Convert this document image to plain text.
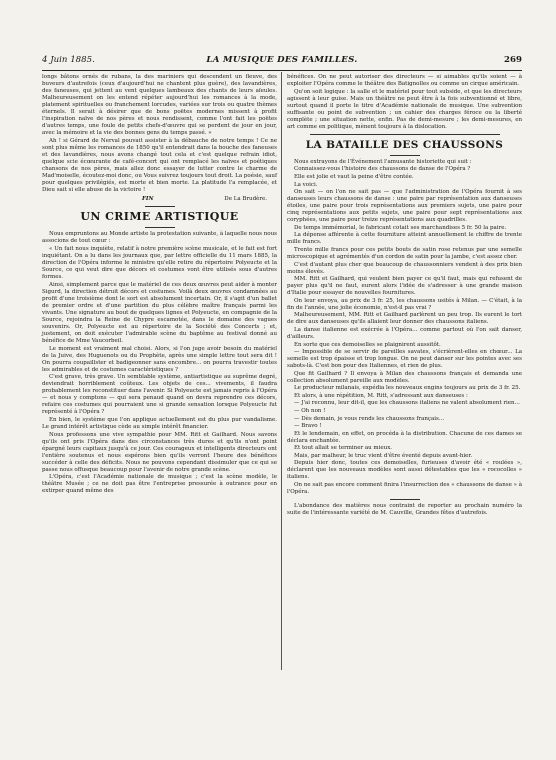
4 Juin 1885.	LA MUSIQUE DES FAMILLES.	269

longs bâtons ornés de rubans, la des mariniers qui descendent un fleuve, des buveurs d'autrefois (ceux d'aujourd'hui ne chantent plus guère), des lavandières, des faneuses, qui jettent au vent quelques lambeaux des chants de leurs aïeules. Malheureusement on les entend répéter aujourd'hui les romances à la mode, platement spirituelles ou franchement lorcudes, variées sur trois ou quatre thèmes éternels. Il serait à désirer que de bons poëtes modernes missent à profit l'inspiration naïve de nos pères et nous rendissent, comme l'ont fait les poëtes d'autres temps, une foule de petits chefs-d'œuvre qui se perdent de jour en jour, avec la mémoire et la vie des bonnes gens du temps passé. »

Ah ! si Gérard de Nerval pouvait assister à la débauche de notre temps ! Ce ne sont plus même les romances de 1850 qu'il entendrait dans la bouche des faneuses et des lavandières, nous avons changé tout cela et c'est quelque refrain idiot, quelque scie écœurante de café-concert qui ont remplacé les naïves et poétiques chansons de nos pères, mais allez donc essayer de lutter contre le charme de Mad'moiselle, écoutez-moi donc, ou Vous suivrez toujours tout droit. La poésie, sauf pour quelques privilégiés, est morte et bien morte. La platitude l'a remplacée, et Dieu sait si elle abuse de la victoire !

FIN	De La Brudère.
UN CRIME ARTISTIQUE

Nous empruntons au Monde artiste la protestation suivante, à laquelle nous nous associons de tout cœur :

« Un fait nous inquiète, relatif à notre première scène musicale, et le fait est fort inquiétant. On a lu dans les journaux que, par lettre officielle du 11 mars 1885, la direction de l'Opéra informe le ministre qu'elle retire du répertoire Polyeucte et la Source, ce qui veut dire que décors et costumes vont être utilisés sous d'autres formes.

Ainsi, simplement parce que le matériel de ces deux œuvres peut aider à monter Sigurd, la direction détruit décors et costumes. Voilà deux œuvres condamnées au profit d'une troisième dont le sort est absolument incertain. Or, il s'agit d'un ballet de premier ordre et d'une partition du plus célèbre maître français parmi les vivants. Une signature au bout de quelques lignes et Polyeucte, en compagnie de la Source, rejoindra la Reine de Chypre escamotée, dans le domaine des vagues souvenirs. Or, Polyeucte est au répertoire de la Société des Concerts ; et, justement, on doit exécuter l'admirable scène du baptême au festival donné au bénéfice de Mme Vaucorbeil.

Le moment est vraiment mal choisi. Alors, si l'on juge avoir besoin du matériel de la Juive, des Huguenots ou du Prophète, après une simple lettre tout sera dit ! On pourra coupaillster et badigeonner sans encombre... on pourra travestir toutes les admirables et de costumes caractéristiques ?

C'est grave, très grave. Un semblable système, antiartistique au suprême degré, deviendrait horriblement coûteux. Les objets de ces... vivements, il faudra probablement les reconstituer dans l'avenir. Si Polyeucte est jamais repris à l'Opéra — et nous y comptons — qui sera penaud quand on devra reprendre ces décors, refaire ces costumes qui pourraient une si grande sensation lorsque Polyeucte fut représenté à l'Opéra ?

En bien, le système que l'on applique actuellement est du plus pur vandalisme. Le grand intérêt artistique cède au simple intérêt financier.

Nous professons une vive sympathie pour MM. Ritt et Gailhard. Nous savons qu'ils ont pris l'Opéra dans des circonstances très dures et qu'ils n'ont point épargné leurs capitaux jusqu'à ce jour. Ces courageux et intelligents directeurs ont l'entière soutenus et nous espérons bien qu'ils verront l'heure des bénéfices succéder à celle des déficits. Nous ne pouvons cependant dissimuler que ce qui se passe nous offusque beaucoup pour l'avenir de notre grande scène.

L'Opéra, c'est l'Académie nationale de musique ; c'est la scène modèle, le théâtre Musée ; ce ne doit pas être l'entreprise pressurée à outrance pour en extirper quand même des

bénéfices. On ne peut autoriser des directeurs — si aimables qu'ils soient — à exploiter l'Opéra comme le théâtre des Batignolles ou comme un cirque américain.

Qu'on soit logique : la salle et le matériel pour tout subside, et que les directeurs agissent à leur guise. Mais un théâtre ne peut être à la fois subventionné et libre, surtout quand il porte le titre d'Académie nationale de musique. Une subvention suffisante ou point de subvention ; un cahier des charges féroce ou la liberté complète ; une situation nette, enfin. Pas de demi-mesure ; les demi-mesures, en art comme en politique, mènent toujours à la dislocation.

LA BATAILLE DES CHAUSSONS

Nous extrayons de l'Événement l'amusante historiette qui suit :

Connaissez-vous l'histoire des chaussons de danse de l'Opéra ?

Elle est jolie et vaut la peine d'être contée.

La voici.

On sait — on l'on ne sait pas — que l'administration de l'Opéra fournit à ses danseuses leurs chaussons de danse : une paire par représentation aux danseuses étoiles, une paire pour trois représentations aux premiers sujets, une paire pour cinq représentations aux petits sujets, une paire pour sept représentations aux coryphées, une paire pour treize représentations aux quadrilles.

De temps immémorial, le fabricant cotait ses marchandises 5 fr. 50 la paire.

La dépense afférente à cette fourniture atteint annuellement le chiffre de trente mille francs.

Trente mille francs pour ces petits bouts de satin rose retenus par une semelle microscopique et agrémentés d'un cordon de satin pour la jambe, c'est assez cher.

C'est d'autant plus cher que beaucoup de chaussonniers vendent à des prix bien moins élevés.

MM. Ritt et Gailhard, qui veulent bien payer ce qu'il faut, mais qui refusent de payer plus qu'il ne faut, eurent alors l'idée de s'adresser à une grande maison d'Italie pour essayer de nouvelles fournitures.

On leur envoya, au prix de 3 fr. 25, les chaussons usités à Milan. — C'était, à la fin de l'année, une jolie économie, n'est-il pas vrai ?

Malheureusement, MM. Ritt et Gailhard parlèrent un peu trop. Ils eurent le tort de dire aux danseuses qu'ils allaient leur donner des chaussons italiens.

La danse italienne est exécrée à l'Opéra... comme partout où l'on sait danser, d'ailleurs.

En sorte que ces demoiselles se plaignirent aussitôt.

— Impossible de se servir de pareilles savates, s'écrièrent-elles en chœur... La semelle est trop épaisse et trop longue. On ne peut danser sur les pointes avec ses sabots-là. C'est bon pour des Italiennes, et rien de plus.

Que fit Gailhard ? Il envoya à Milan des chaussons français et demanda une collection absolument pareille aux modèles.

Le producteur milanais, expédia les nouveaux engins toujours au prix de 3 fr. 25.

Et alors, à une répétition, M. Ritt, s'adressant aux danseuses :

— J'ai reconnu, leur dit-il, que les chaussons italiens ne valent absolument rien...

— Oh non !

— Dès demain, je vous rends les chaussons français...

— Bravo !

Et le lendemain, en effet, on procéda à la distribution. Chacune de ces dames se déclara enchantée.

Et tout allait se terminer au mieux.

Mais, par malheur, le truc vient d'être éventé depuis avant-hier.

Depuis hier donc, toutes ces demoiselles, furieuses d'avoir été « roulées », déclarent que les nouveaux modèles sont aussi détestables que les « rococolles » italiens.

On ne sait pas encore comment finira l'insurrection des « chaussons de danse » à l'Opéra.

L'abondance des matières nous contraint de reporter au prochain numéro la suite de l'intéressante variété de M. Cauville, Grandes fêtes d'autrefois.
